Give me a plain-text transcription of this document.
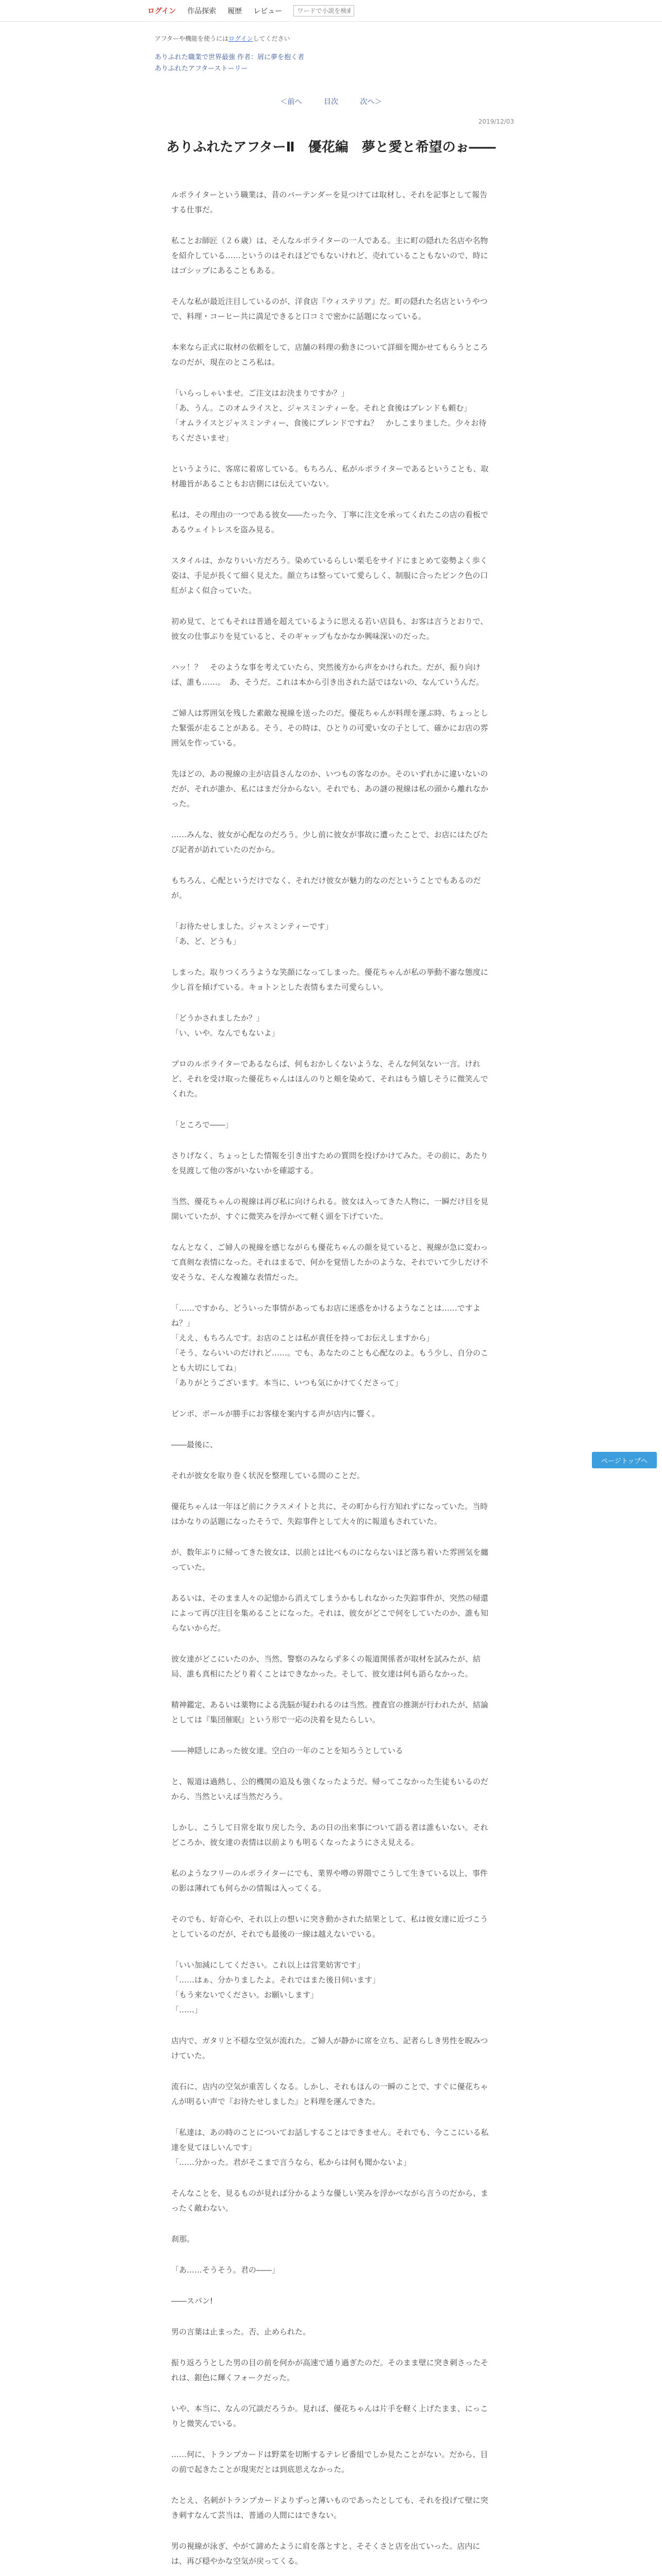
ログイン 作品探索 履歴 レビュー
ワードで小説を検索
アフターや機能を使うにはログインしてください
ありふれた職業で世界最強 作者：屑に夢を抱く者
ありふれたアフターストーリー
＜前へ	目次	次へ＞
2019/12/03
ありふれたアフターⅡ　優花編　夢と愛と希望のぉ――

ルポライターという職業は、昔のバーテンダーを見つけては取材し、それを記事として報告する仕事だ。

私ことお師匠（２６歳）は、そんなルポライターの一人である。主に町の隠れた名店や名物を紹介している……というのはそれほどでもないけれど、売れていることもないので、時にはゴシップにあることもある。

そんな私が最近注目しているのが、洋食店『ウィステリア』だ。町の隠れた名店というやつで、料理・コーヒー共に満足できると口コミで密かに話題になっている。

本来なら正式に取材の依頼をして、店舗の料理の動きについて詳細を聞かせてもらうところなのだが、現在のところ私は。

「いらっしゃいませ。ご注文はお決まりですか？」
「あ、うん。このオムライスと、ジャスミンティーを。それと食後はブレンドも頼む」
「オムライスとジャスミンティー、食後にブレンドですね？　かしこまりました。少々お待ちくださいませ」

というように、客席に着席している。もちろん、私がルポライターであるということも、取材趣旨があることもお店側には伝えていない。

私は、その理由の一つである彼女――たった今、丁寧に注文を承ってくれたこの店の看板であるウェイトレスを盗み見る。

スタイルは、かなりいい方だろう。染めているらしい栗毛をサイドにまとめて姿勢よく歩く姿は、手足が長くて細く見えた。顔立ちは整っていて愛らしく、制服に合ったピンク色の口紅がよく似合っていた。

初め見て、とてもそれは普通を超えているように思える若い店員も、お客は言うとおりで、彼女の仕事ぶりを見ていると、そのギャップもなかなか興味深いのだった。

ハッ！？　そのような事を考えていたら、突然後方から声をかけられた。だが、振り向けば、誰も……。　あ、そうだ。これは本から引き出された話ではないの、なんていうんだ。

ご婦人は雰囲気を残した素敵な視線を送ったのだ。優花ちゃんが料理を運ぶ時、ちょっとした緊張が走ることがある。そう、その時は、ひとりの可愛い女の子として、確かにお店の雰囲気を作っている。

先ほどの、あの視線の主が店員さんなのか、いつもの客なのか。そのいずれかに違いないのだが、それが誰か、私にはまだ分からない。それでも、あの謎の視線は私の頭から離れなかった。

……みんな、彼女が心配なのだろう。少し前に彼女が事故に遭ったことで、お店にはたびたび記者が訪れていたのだから。

もちろん、心配というだけでなく、それだけ彼女が魅力的なのだということでもあるのだが。

「お待たせしました。ジャスミンティーです」
「あ、ど、どうも」

しまった。取りつくろうような笑顔になってしまった。優花ちゃんが私の挙動不審な態度に少し首を傾げている。キョトンとした表情もまた可愛らしい。

「どうかされましたか？」
「い、いや。なんでもないよ」

プロのルポライターであるならば、何もおかしくないような、そんな何気ない一言。けれど、それを受け取った優花ちゃんはほんのりと頬を染めて、それはもう嬉しそうに微笑んでくれた。

「ところで――」

さりげなく、ちょっとした情報を引き出すための質問を投げかけてみた。その前に、あたりを見渡して他の客がいないかを確認する。

当然、優花ちゃんの視線は再び私に向けられる。彼女は入ってきた人物に、一瞬だけ目を見開いていたが、すぐに微笑みを浮かべて軽く頭を下げていた。

なんとなく、ご婦人の視線を感じながらも優花ちゃんの顔を見ていると、視線が急に変わって真剣な表情になった。それはまるで、何かを覚悟したかのような、それでいて少しだけ不安そうな、そんな複雑な表情だった。

「……ですから、どういった事情があってもお店に迷惑をかけるようなことは……ですよね？」
「ええ、もちろんです。お店のことは私が責任を持ってお伝えしますから」
「そう、ならいいのだけれど……。でも、あなたのことも心配なのよ。もう少し、自分のことも大切にしてね」
「ありがとうございます。本当に、いつも気にかけてくださって」

ピンポ、ボールが勝手にお客様を案内する声が店内に響く。

――最後に、

それが彼女を取り巻く状況を整理している間のことだ。

優花ちゃんは一年ほど前にクラスメイトと共に、その町から行方知れずになっていた。当時はかなりの話題になったそうで、失踪事件として大々的に報道もされていた。

が、数年ぶりに帰ってきた彼女は、以前とは比べものにならないほど落ち着いた雰囲気を纏っていた。

あるいは、そのまま人々の記憶から消えてしまうかもしれなかった失踪事件が、突然の帰還によって再び注目を集めることになった。それは、彼女がどこで何をしていたのか、誰も知らないからだ。

彼女達がどこにいたのか、当然、警察のみならず多くの報道関係者が取材を試みたが、結局、誰も真相にたどり着くことはできなかった。そして、彼女達は何も語らなかった。

精神鑑定、あるいは薬物による洗脳が疑われるのは当然。捜査官の推測が行われたが、結論としては『集団催眠』という形で一応の決着を見たらしい。

――神隠しにあった彼女達。空白の一年のことを知ろうとしている

と、報道は過熱し、公的機関の追及も強くなったようだ。帰ってこなかった生徒もいるのだから、当然といえば当然だろう。

しかし、こうして日常を取り戻した今、あの日の出来事について語る者は誰もいない。それどころか、彼女達の表情は以前よりも明るくなったようにさえ見える。

私のようなフリーのルポライターにでも、業界や噂の界隈でこうして生きている以上、事件の影は薄れても何らかの情報は入ってくる。

そのでも、好奇心や、それ以上の想いに突き動かされた結果として、私は彼女達に近づこうとしているのだが、それでも最後の一線は越えないでいる。

「いい加減にしてください。これ以上は営業妨害です」
「……はぁ、分かりましたよ。それではまた後日伺います」
「もう来ないでください。お願いします」
「……」

店内で、ガタリと不穏な空気が流れた。ご婦人が静かに席を立ち、記者らしき男性を睨みつけていた。

流石に、店内の空気が重苦しくなる。しかし、それもほんの一瞬のことで、すぐに優花ちゃんが明るい声で『お待たせしました』と料理を運んできた。

「私達は、あの時のことについてお話しすることはできません。それでも、今ここにいる私達を見てほしいんです」
「……分かった。君がそこまで言うなら、私からは何も聞かないよ」

そんなことを、見るものが見れば分かるような優しい笑みを浮かべながら言うのだから、まったく敵わない。

刹那。

「あ……そうそう。君の――」

――スパン!

男の言葉は止まった。否、止められた。

振り返ろうとした男の目の前を何かが高速で通り過ぎたのだ。そのまま壁に突き刺さったそれは、銀色に輝くフォークだった。

いや、本当に、なんの冗談だろうか。見れば、優花ちゃんは片手を軽く上げたまま、にっこりと微笑んでいる。

……何に、トランプカードは野菜を切断するテレビ番組でしか見たことがない。だから、目の前で起きたことが現実だとは到底思えなかった。

たとえ、名刺がトランプカードよりずっと薄いものであったとしても、それを投げて壁に突き刺すなんて芸当は、普通の人間にはできない。

男の視線が泳ぎ、やがて諦めたように肩を落とすと、そそくさと店を出ていった。店内には、再び穏やかな空気が戻ってくる。

ページトップへ
